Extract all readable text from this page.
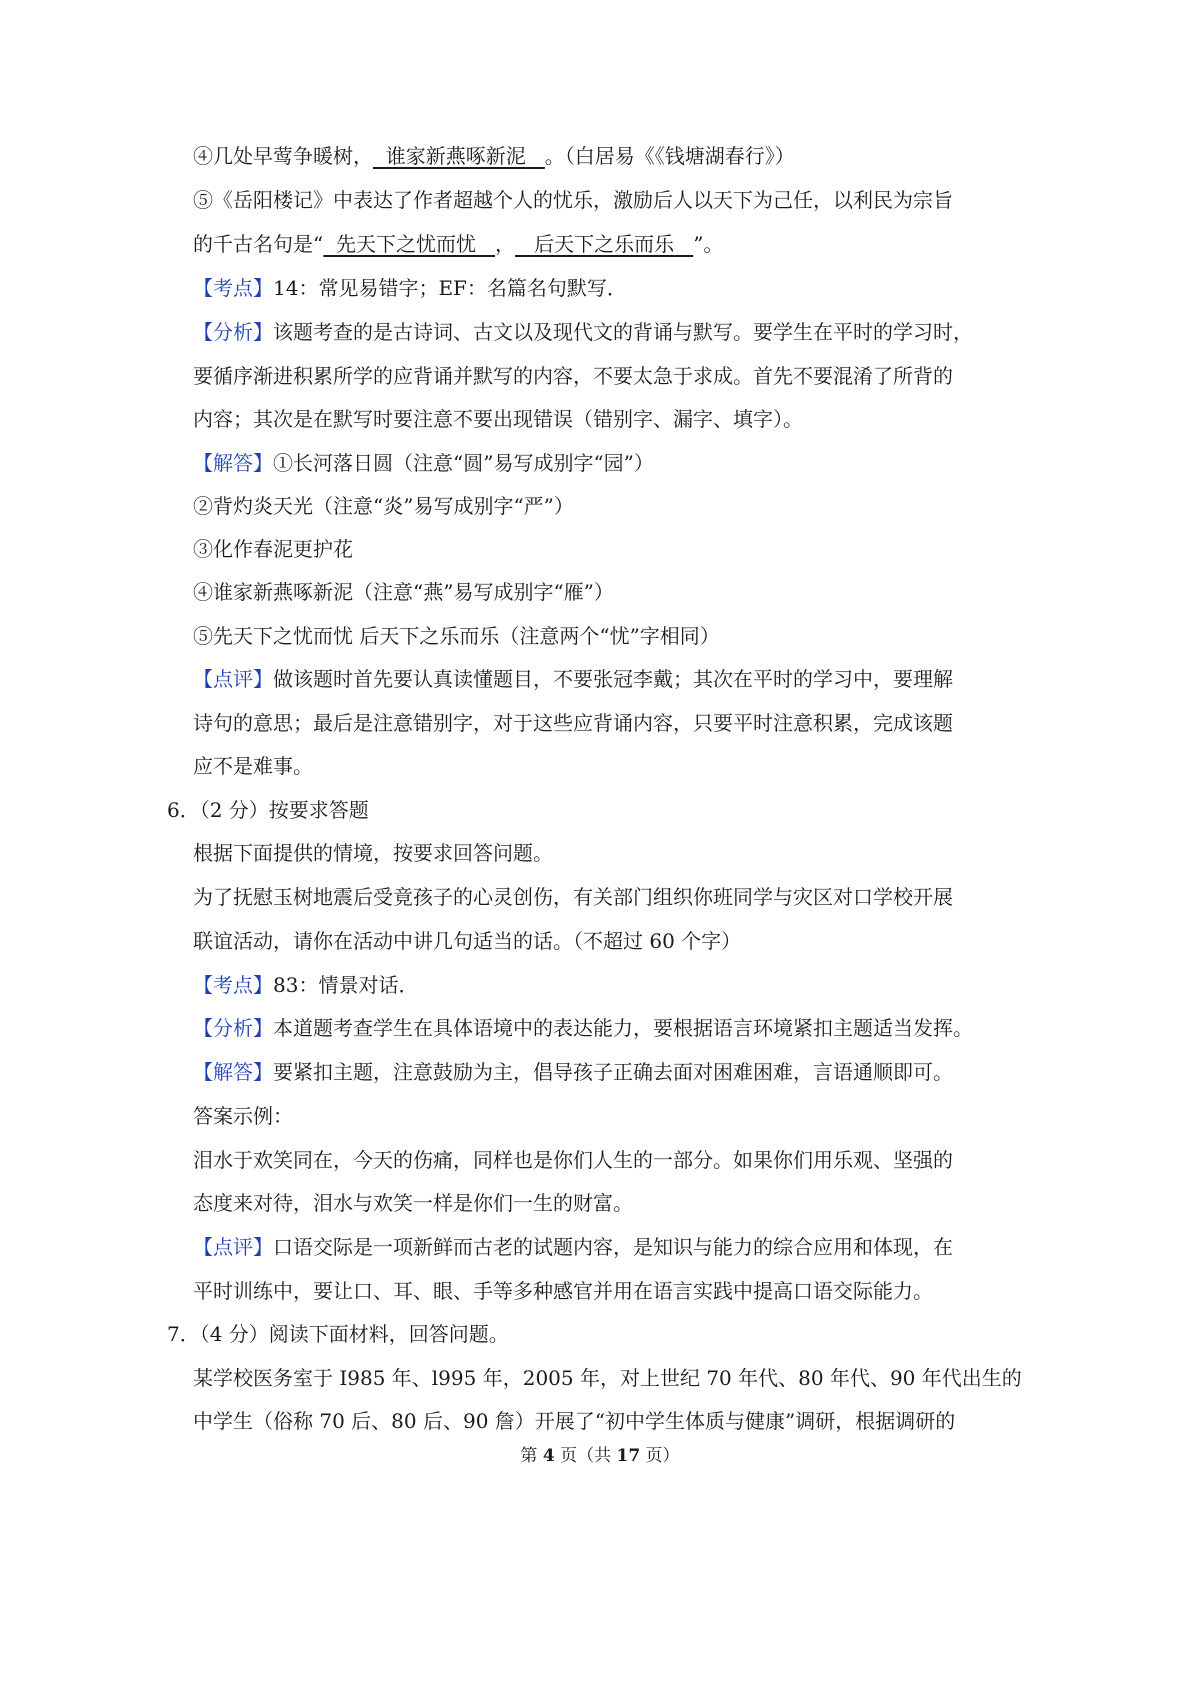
④几处早莺争暖树， 谁家新燕啄新泥 。（白居易《《钱塘湖春行》）
⑤《岳阳楼记》中表达了作者超越个人的忧乐，激励后人以天下为己任，以利民为宗旨
的千古名句是“ 先天下之忧而忧 ， 后天下之乐而乐 ”。
【考点】14：常见易错字；EF：名篇名句默写．
【分析】该题考查的是古诗词、古文以及现代文的背诵与默写。要学生在平时的学习时，
要循序渐进积累所学的应背诵并默写的内容，不要太急于求成。首先不要混淆了所背的
内容；其次是在默写时要注意不要出现错误（错别字、漏字、填字）。
【解答】①长河落日圆（注意“圆”易写成别字“园”）
②背灼炎天光（注意“炎”易写成别字“严”）
③化作春泥更护花
④谁家新燕啄新泥（注意“燕”易写成别字“雁”）
⑤先天下之忧而忧 后天下之乐而乐（注意两个“忧”字相同）
【点评】做该题时首先要认真读懂题目，不要张冠李戴；其次在平时的学习中，要理解
诗句的意思；最后是注意错别字，对于这些应背诵内容，只要平时注意积累，完成该题
应不是难事。
6．（2 分）按要求答题
根据下面提供的情境，按要求回答问题。
为了抚慰玉树地震后受竟孩子的心灵创伤，有关部门组织你班同学与灾区对口学校开展
联谊活动，请你在活动中讲几句适当的话。（不超过 60 个字）
【考点】83：情景对话．
【分析】本道题考查学生在具体语境中的表达能力，要根据语言环境紧扣主题适当发挥。
【解答】要紧扣主题，注意鼓励为主，倡导孩子正确去面对困难困难，言语通顺即可。
答案示例：
泪水于欢笑同在，今天的伤痛，同样也是你们人生的一部分。如果你们用乐观、坚强的
态度来对待，泪水与欢笑一样是你们一生的财富。
【点评】口语交际是一项新鲜而古老的试题内容，是知识与能力的综合应用和体现，在
平时训练中，要让口、耳、眼、手等多种感官并用在语言实践中提高口语交际能力。
7．（4 分）阅读下面材料，回答问题。
某学校医务室于 I985 年、l995 年，2005 年，对上世纪 70 年代、80 年代、90 年代出生的
中学生（俗称 70 后、80 后、90 詹）开展了“初中学生体质与健康”调研，根据调研的
第 4 页（共 17 页）
